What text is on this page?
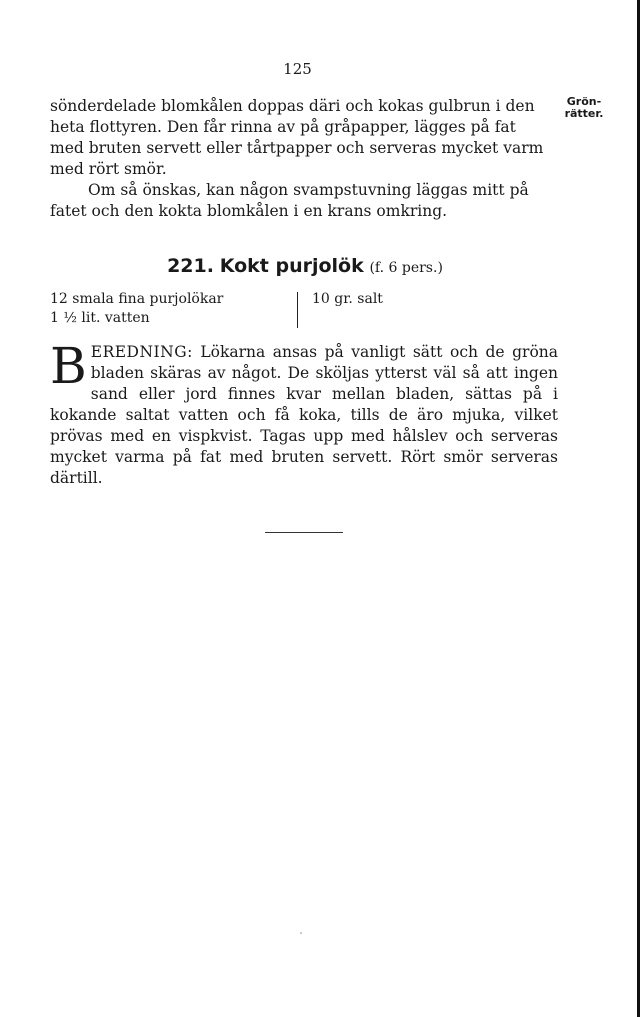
125
Grön-
rätter.
sönderdelade blomkålen doppas däri och kokas gulbrun i den
heta flottyren. Den får rinna av på gråpapper, lägges på fat
med bruten servett eller tårtpapper och serveras mycket varm
med rört smör.
Om så önskas, kan någon svampstuvning läggas mitt på
fatet och den kokta blomkålen i en krans omkring.
221. Kokt purjolök (f. 6 pers.)
12 smala fina purjolökar
1 ½ lit. vatten
10 gr. salt
B EREDNING: Lökarna ansas på vanligt sätt och de gröna bladen skäras av något. De sköljas ytterst väl så att ingen sand eller jord finnes kvar mellan bladen, sättas på i kokande saltat vatten och få koka, tills de äro mjuka, vilket prövas med en vispkvist. Tagas upp med hålslev och serveras mycket varma på fat med bruten servett. Rört smör serveras därtill.
